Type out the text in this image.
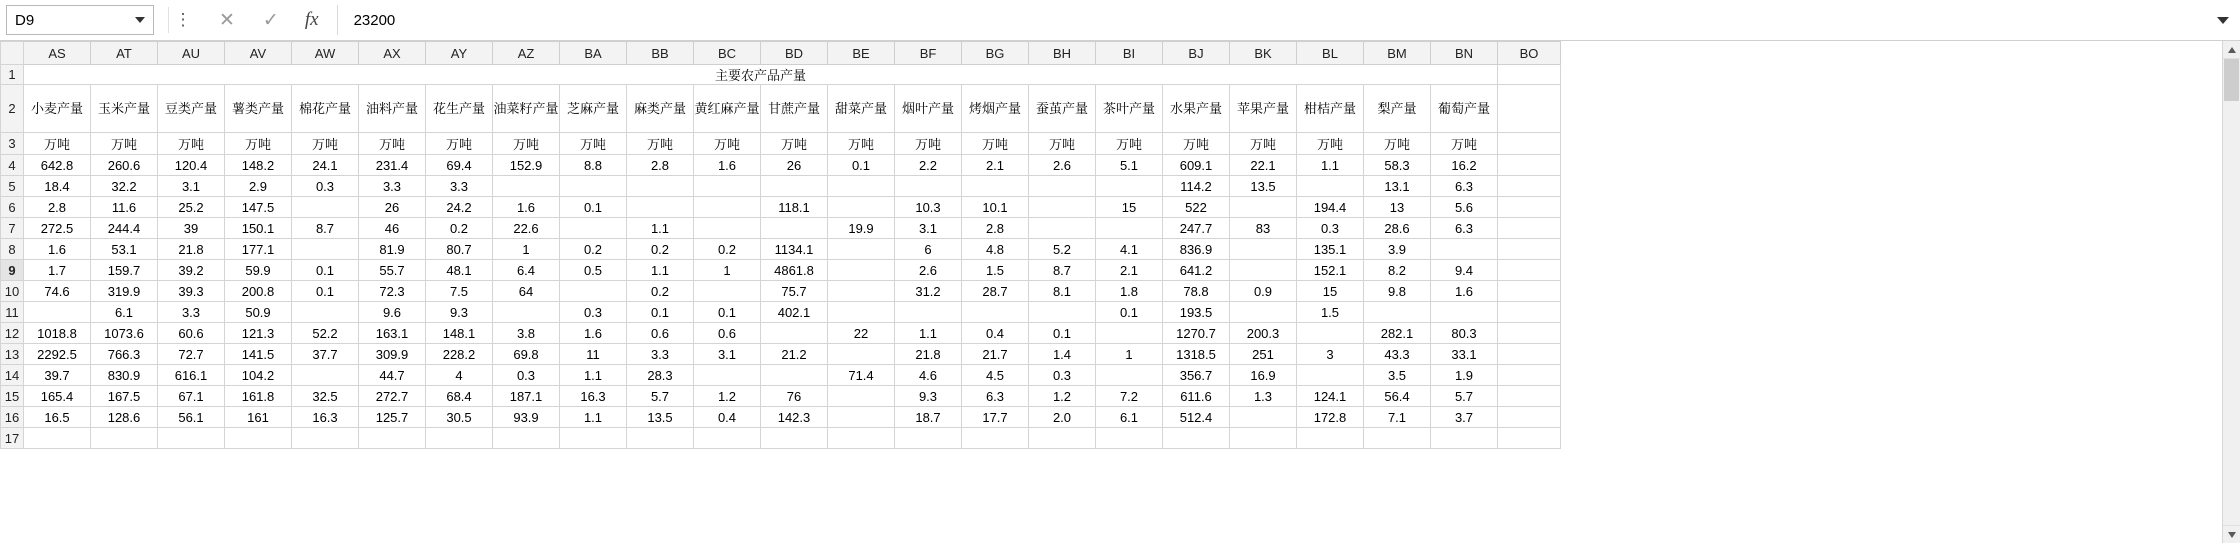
D9	⋮ ✕ ✓ fx	23200
	AS	AT	AU	AV	AW	AX	AY	AZ	BA	BB	BC	BD	BE	BF	BG	BH	BI	BJ	BK	BL	BM	BN	BO
1	主要农产品产量																						
2	小麦产量	玉米产量	豆类产量	薯类产量	棉花产量	油料产量	花生产量	油菜籽产量	芝麻产量	麻类产量	黄红麻产量	甘蔗产量	甜菜产量	烟叶产量	烤烟产量	蚕茧产量	茶叶产量	水果产量	苹果产量	柑桔产量	梨产量	葡萄产量	
3	万吨	万吨	万吨	万吨	万吨	万吨	万吨	万吨	万吨	万吨	万吨	万吨	万吨	万吨	万吨	万吨	万吨	万吨	万吨	万吨	万吨	万吨	
4	642.8	260.6	120.4	148.2	24.1	231.4	69.4	152.9	8.8	2.8	1.6	26	0.1	2.2	2.1	2.6	5.1	609.1	22.1	1.1	58.3	16.2	
5	18.4	32.2	3.1	2.9	0.3	3.3	3.3											114.2	13.5		13.1	6.3	
6	2.8	11.6	25.2	147.5		26	24.2	1.6	0.1			118.1		10.3	10.1		15	522		194.4	13	5.6	
7	272.5	244.4	39	150.1	8.7	46	0.2	22.6		1.1			19.9	3.1	2.8			247.7	83	0.3	28.6	6.3	
8	1.6	53.1	21.8	177.1		81.9	80.7	1	0.2	0.2	0.2	1134.1		6	4.8	5.2	4.1	836.9		135.1	3.9		
9	1.7	159.7	39.2	59.9	0.1	55.7	48.1	6.4	0.5	1.1	1	4861.8		2.6	1.5	8.7	2.1	641.2		152.1	8.2	9.4	
10	74.6	319.9	39.3	200.8	0.1	72.3	7.5	64		0.2		75.7		31.2	28.7	8.1	1.8	78.8	0.9	15	9.8	1.6	
11		6.1	3.3	50.9		9.6	9.3		0.3	0.1	0.1	402.1					0.1	193.5		1.5			
12	1018.8	1073.6	60.6	121.3	52.2	163.1	148.1	3.8	1.6	0.6	0.6		22	1.1	0.4	0.1		1270.7	200.3		282.1	80.3	
13	2292.5	766.3	72.7	141.5	37.7	309.9	228.2	69.8	11	3.3	3.1	21.2		21.8	21.7	1.4	1	1318.5	251	3	43.3	33.1	
14	39.7	830.9	616.1	104.2		44.7	4	0.3	1.1	28.3			71.4	4.6	4.5	0.3		356.7	16.9		3.5	1.9	
15	165.4	167.5	67.1	161.8	32.5	272.7	68.4	187.1	16.3	5.7	1.2	76		9.3	6.3	1.2	7.2	611.6	1.3	124.1	56.4	5.7	
16	16.5	128.6	56.1	161	16.3	125.7	30.5	93.9	1.1	13.5	0.4	142.3		18.7	17.7	2.0	6.1	512.4		172.8	7.1	3.7	
17																							
